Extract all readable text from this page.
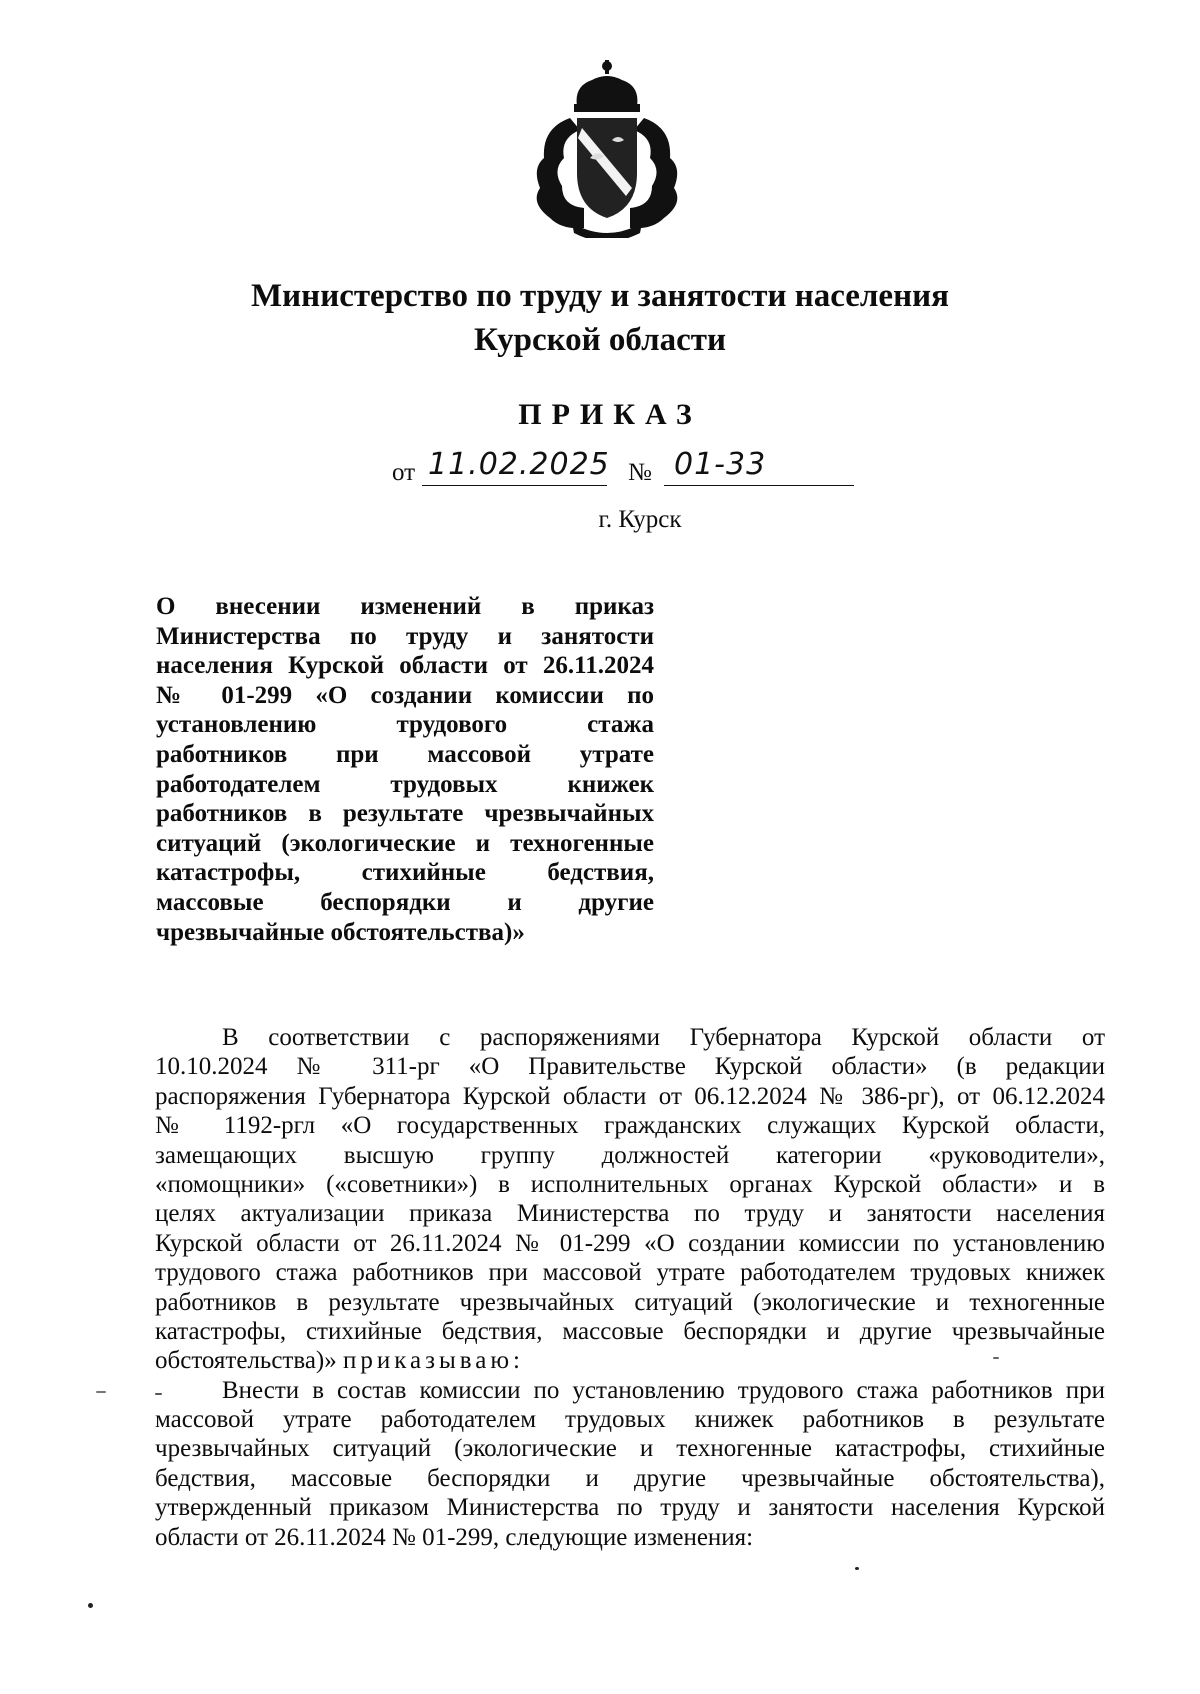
Министерство по труду и занятости населения
Курской области
ПРИКАЗ
от 11.02.2025 № 01-33
г. Курск
О внесении изменений в приказ
Министерства по труду и занятости
населения Курской области от 26.11.2024
№ 01-299 «О создании комиссии по
установлению трудового стажа
работников при массовой утрате
работодателем трудовых книжек
работников в результате чрезвычайных
ситуаций (экологические и техногенные
катастрофы, стихийные бедствия,
массовые беспорядки и другие
чрезвычайные обстоятельства)»
В соответствии с распоряжениями Губернатора Курской области от
10.10.2024 № 311-рг «О Правительстве Курской области» (в редакции
распоряжения Губернатора Курской области от 06.12.2024 № 386-рг), от 06.12.2024
№ 1192-ргл «О государственных гражданских служащих Курской области,
замещающих высшую группу должностей категории «руководители»,
«помощники» («советники») в исполнительных органах Курской области» и в
целях актуализации приказа Министерства по труду и занятости населения
Курской области от 26.11.2024 № 01-299 «О создании комиссии по установлению
трудового стажа работников при массовой утрате работодателем трудовых книжек
работников в результате чрезвычайных ситуаций (экологические и техногенные
катастрофы, стихийные бедствия, массовые беспорядки и другие чрезвычайные
обстоятельства)» приказываю:
Внести в состав комиссии по установлению трудового стажа работников при
массовой утрате работодателем трудовых книжек работников в результате
чрезвычайных ситуаций (экологические и техногенные катастрофы, стихийные
бедствия, массовые беспорядки и другие чрезвычайные обстоятельства),
утвержденный приказом Министерства по труду и занятости населения Курской
области от 26.11.2024 № 01-299, следующие изменения:
